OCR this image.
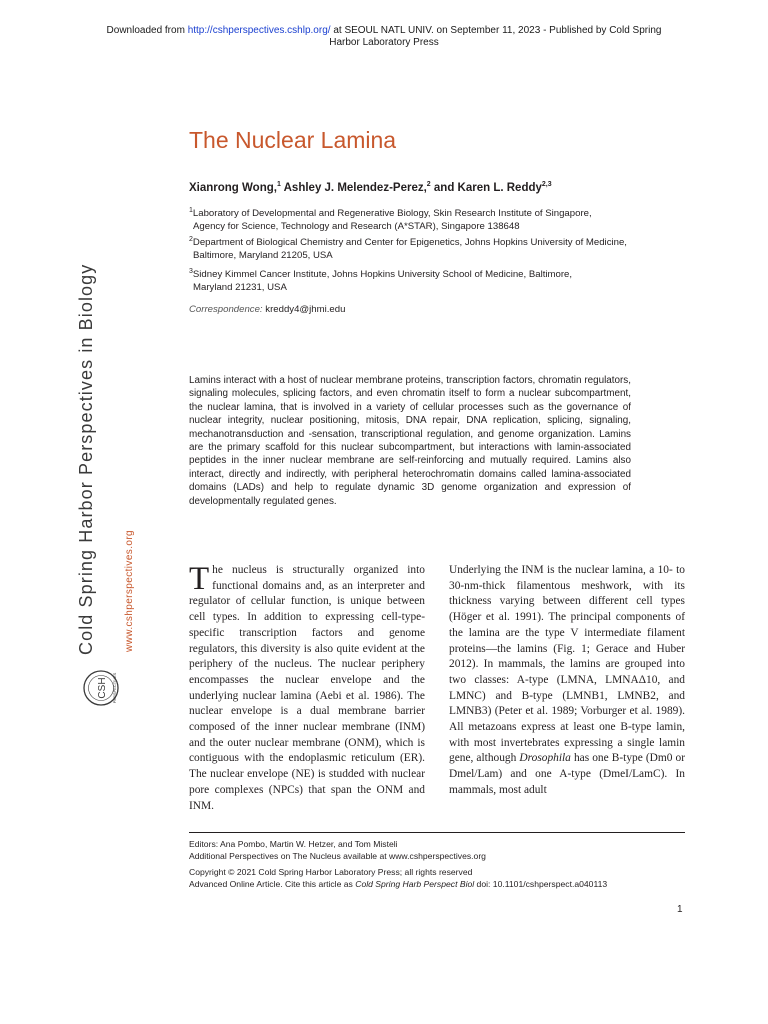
Downloaded from http://cshperspectives.cshlp.org/ at SEOUL NATL UNIV. on September 11, 2023 - Published by Cold Spring
Harbor Laboratory Press
Cold Spring Harbor Perspectives in Biology	www.cshperspectives.org
CSH PERSPECTIVES
The Nuclear Lamina
Xianrong Wong,$^1$ Ashley J. Melendez-Perez,$^2$ and Karen L. Reddy$^{2,3}$
$^1$Laboratory of Developmental and Regenerative Biology, Skin Research Institute of Singapore,
Agency for Science, Technology and Research (A*STAR), Singapore 138648
$^2$Department of Biological Chemistry and Center for Epigenetics, Johns Hopkins University of Medicine,
Baltimore, Maryland 21205, USA
$^3$Sidney Kimmel Cancer Institute, Johns Hopkins University School of Medicine, Baltimore,
Maryland 21231, USA
Correspondence: kreddy4@jhmi.edu
Lamins interact with a host of nuclear membrane proteins, transcription factors, chromatin regulators, signaling molecules, splicing factors, and even chromatin itself to form a nuclear subcompartment, the nuclear lamina, that is involved in a variety of cellular processes such as the governance of nuclear integrity, nuclear positioning, mitosis, DNA repair, DNA replication, splicing, signaling, mechanotransduction and -sensation, transcriptional regulation, and genome organization. Lamins are the primary scaffold for this nuclear subcompartment, but interactions with lamin-associated peptides in the inner nuclear membrane are self-reinforcing and mutually required. Lamins also interact, directly and indirectly, with peripheral heterochromatin domains called lamina-associated domains (LADs) and help to regulate dynamic 3D genome organization and expression of developmentally regulated genes.
The nucleus is structurally organized into functional domains and, as an interpreter and regulator of cellular function, is unique between cell types. In addition to expressing cell-type-specific transcription factors and genome regulators, this diversity is also quite evident at the periphery of the nucleus. The nuclear periphery encompasses the nuclear envelope and the underlying nuclear lamina (Aebi et al. 1986). The nuclear envelope is a dual membrane barrier composed of the inner nuclear membrane (INM) and the outer nuclear membrane (ONM), which is contiguous with the endoplasmic reticulum (ER). The nuclear envelope (NE) is studded with nuclear pore complexes (NPCs) that span the ONM and INM.
Underlying the INM is the nuclear lamina, a 10- to 30-nm-thick filamentous meshwork, with its thickness varying between different cell types (Höger et al. 1991). The principal components of the lamina are the type V intermediate filament proteins—the lamins (Fig. 1; Gerace and Huber 2012). In mammals, the lamins are grouped into two classes: A-type (LMNA, LMNAΔ10, and LMNC) and B-type (LMNB1, LMNB2, and LMNB3) (Peter et al. 1989; Vorburger et al. 1989). All metazoans express at least one B-type lamin, with most invertebrates expressing a single lamin gene, although Drosophila has one B-type (Dm0 or Dmel/Lam) and one A-type (DmeI/LamC). In mammals, most adult
Editors: Ana Pombo, Martin W. Hetzer, and Tom Misteli
Additional Perspectives on The Nucleus available at www.cshperspectives.org
Copyright © 2021 Cold Spring Harbor Laboratory Press; all rights reserved
Advanced Online Article. Cite this article as Cold Spring Harb Perspect Biol doi: 10.1101/cshperspect.a040113
1
